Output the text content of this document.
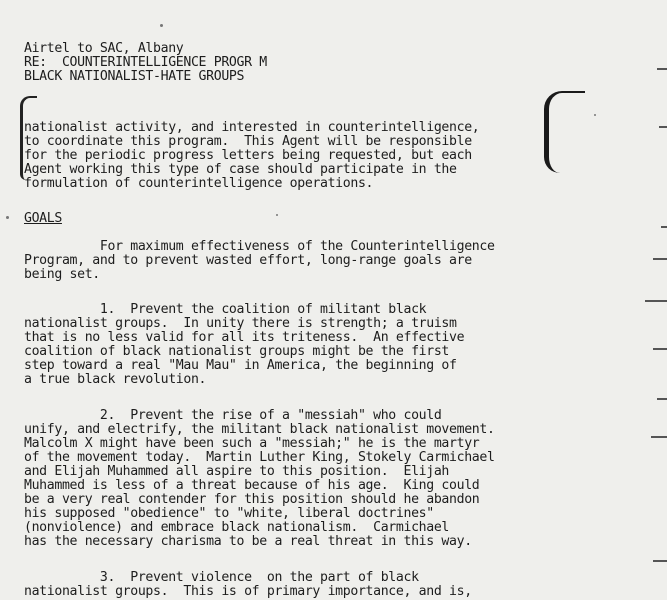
Airtel to SAC, Albany
RE:  COUNTERINTELLIGENCE PROGR M
BLACK NATIONALIST-HATE GROUPS
nationalist activity, and interested in counterintelligence,
to coordinate this program.  This Agent will be responsible
for the periodic progress letters being requested, but each
Agent working this type of case should participate in the
formulation of counterintelligence operations.
GOALS
For maximum effectiveness of the Counterintelligence
Program, and to prevent wasted effort, long-range goals are
being set.
1.  Prevent the coalition of militant black
nationalist groups.  In unity there is strength; a truism
that is no less valid for all its triteness.  An effective
coalition of black nationalist groups might be the first
step toward a real "Mau Mau" in America, the beginning of
a true black revolution.
2.  Prevent the rise of a "messiah" who could
unify, and electrify, the militant black nationalist movement.
Malcolm X might have been such a "messiah;" he is the martyr
of the movement today.  Martin Luther King, Stokely Carmichael
and Elijah Muhammed all aspire to this position.  Elijah
Muhammed is less of a threat because of his age.  King could
be a very real contender for this position should he abandon
his supposed "obedience" to "white, liberal doctrines"
(nonviolence) and embrace black nationalism.  Carmichael
has the necessary charisma to be a real threat in this way.
3.  Prevent violence  on the part of black
nationalist groups.  This is of primary importance, and is,
